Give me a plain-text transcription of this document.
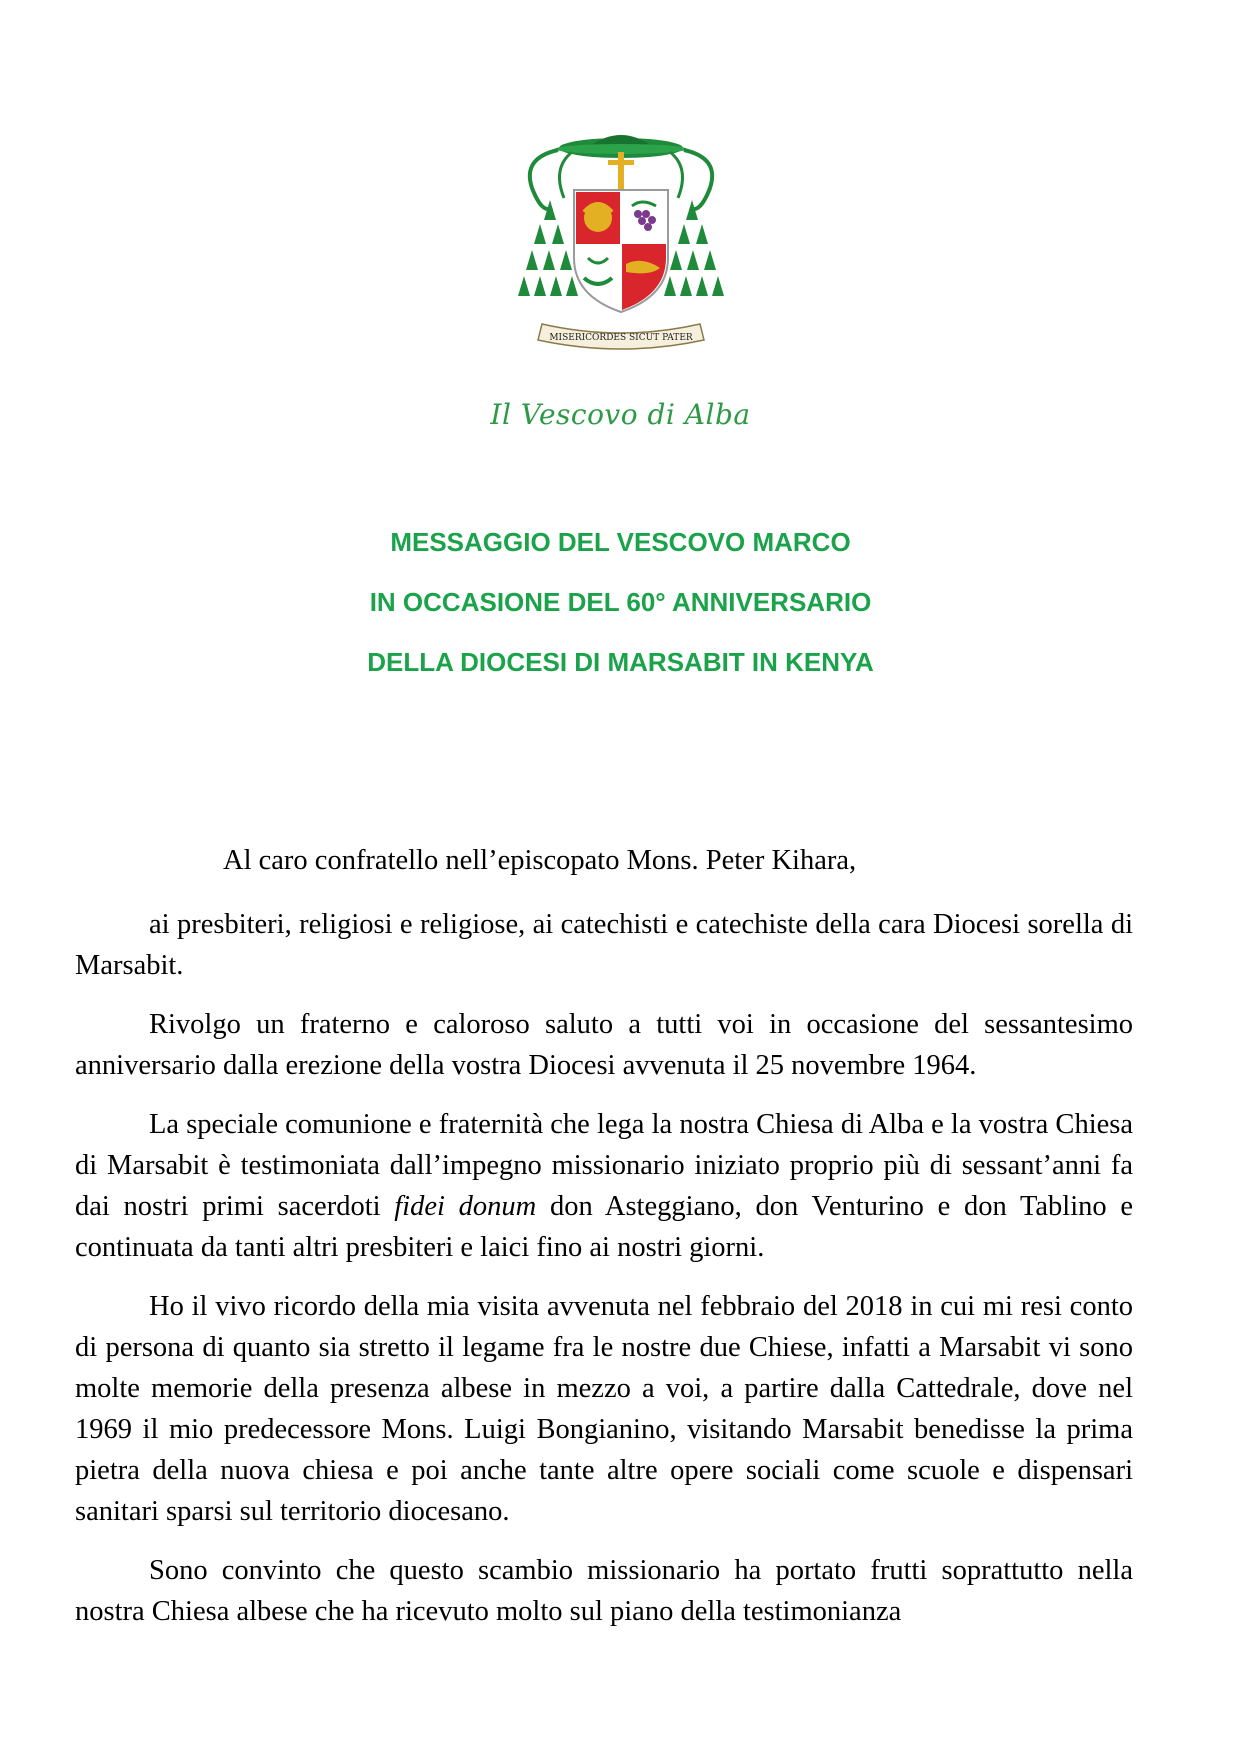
MISERICORDES SICUT PATER
Il Vescovo di Alba
MESSAGGIO DEL VESCOVO MARCO
IN OCCASIONE DEL 60° ANNIVERSARIO
DELLA DIOCESI DI MARSABIT IN KENYA

Al caro confratello nell’episcopato Mons. Peter Kihara,

ai presbiteri, religiosi e religiose, ai catechisti e catechiste della cara Diocesi sorella di Marsabit.

Rivolgo un fraterno e caloroso saluto a tutti voi in occasione del sessantesimo anniversario dalla erezione della vostra Diocesi avvenuta il 25 novembre 1964.

La speciale comunione e fraternità che lega la nostra Chiesa di Alba e la vostra Chiesa di Marsabit è testimoniata dall’impegno missionario iniziato proprio più di sessant’anni fa dai nostri primi sacerdoti fidei donum don Asteggiano, don Venturino e don Tablino e continuata da tanti altri presbiteri e laici fino ai nostri giorni.

Ho il vivo ricordo della mia visita avvenuta nel febbraio del 2018 in cui mi resi conto di persona di quanto sia stretto il legame fra le nostre due Chiese, infatti a Marsabit vi sono molte memorie della presenza albese in mezzo a voi, a partire dalla Cattedrale, dove nel 1969 il mio predecessore Mons. Luigi Bongianino, visitando Marsabit benedisse la prima pietra della nuova chiesa e poi anche tante altre opere sociali come scuole e dispensari sanitari sparsi sul territorio diocesano.

Sono convinto che questo scambio missionario ha portato frutti soprattutto nella nostra Chiesa albese che ha ricevuto molto sul piano della testimonianza
